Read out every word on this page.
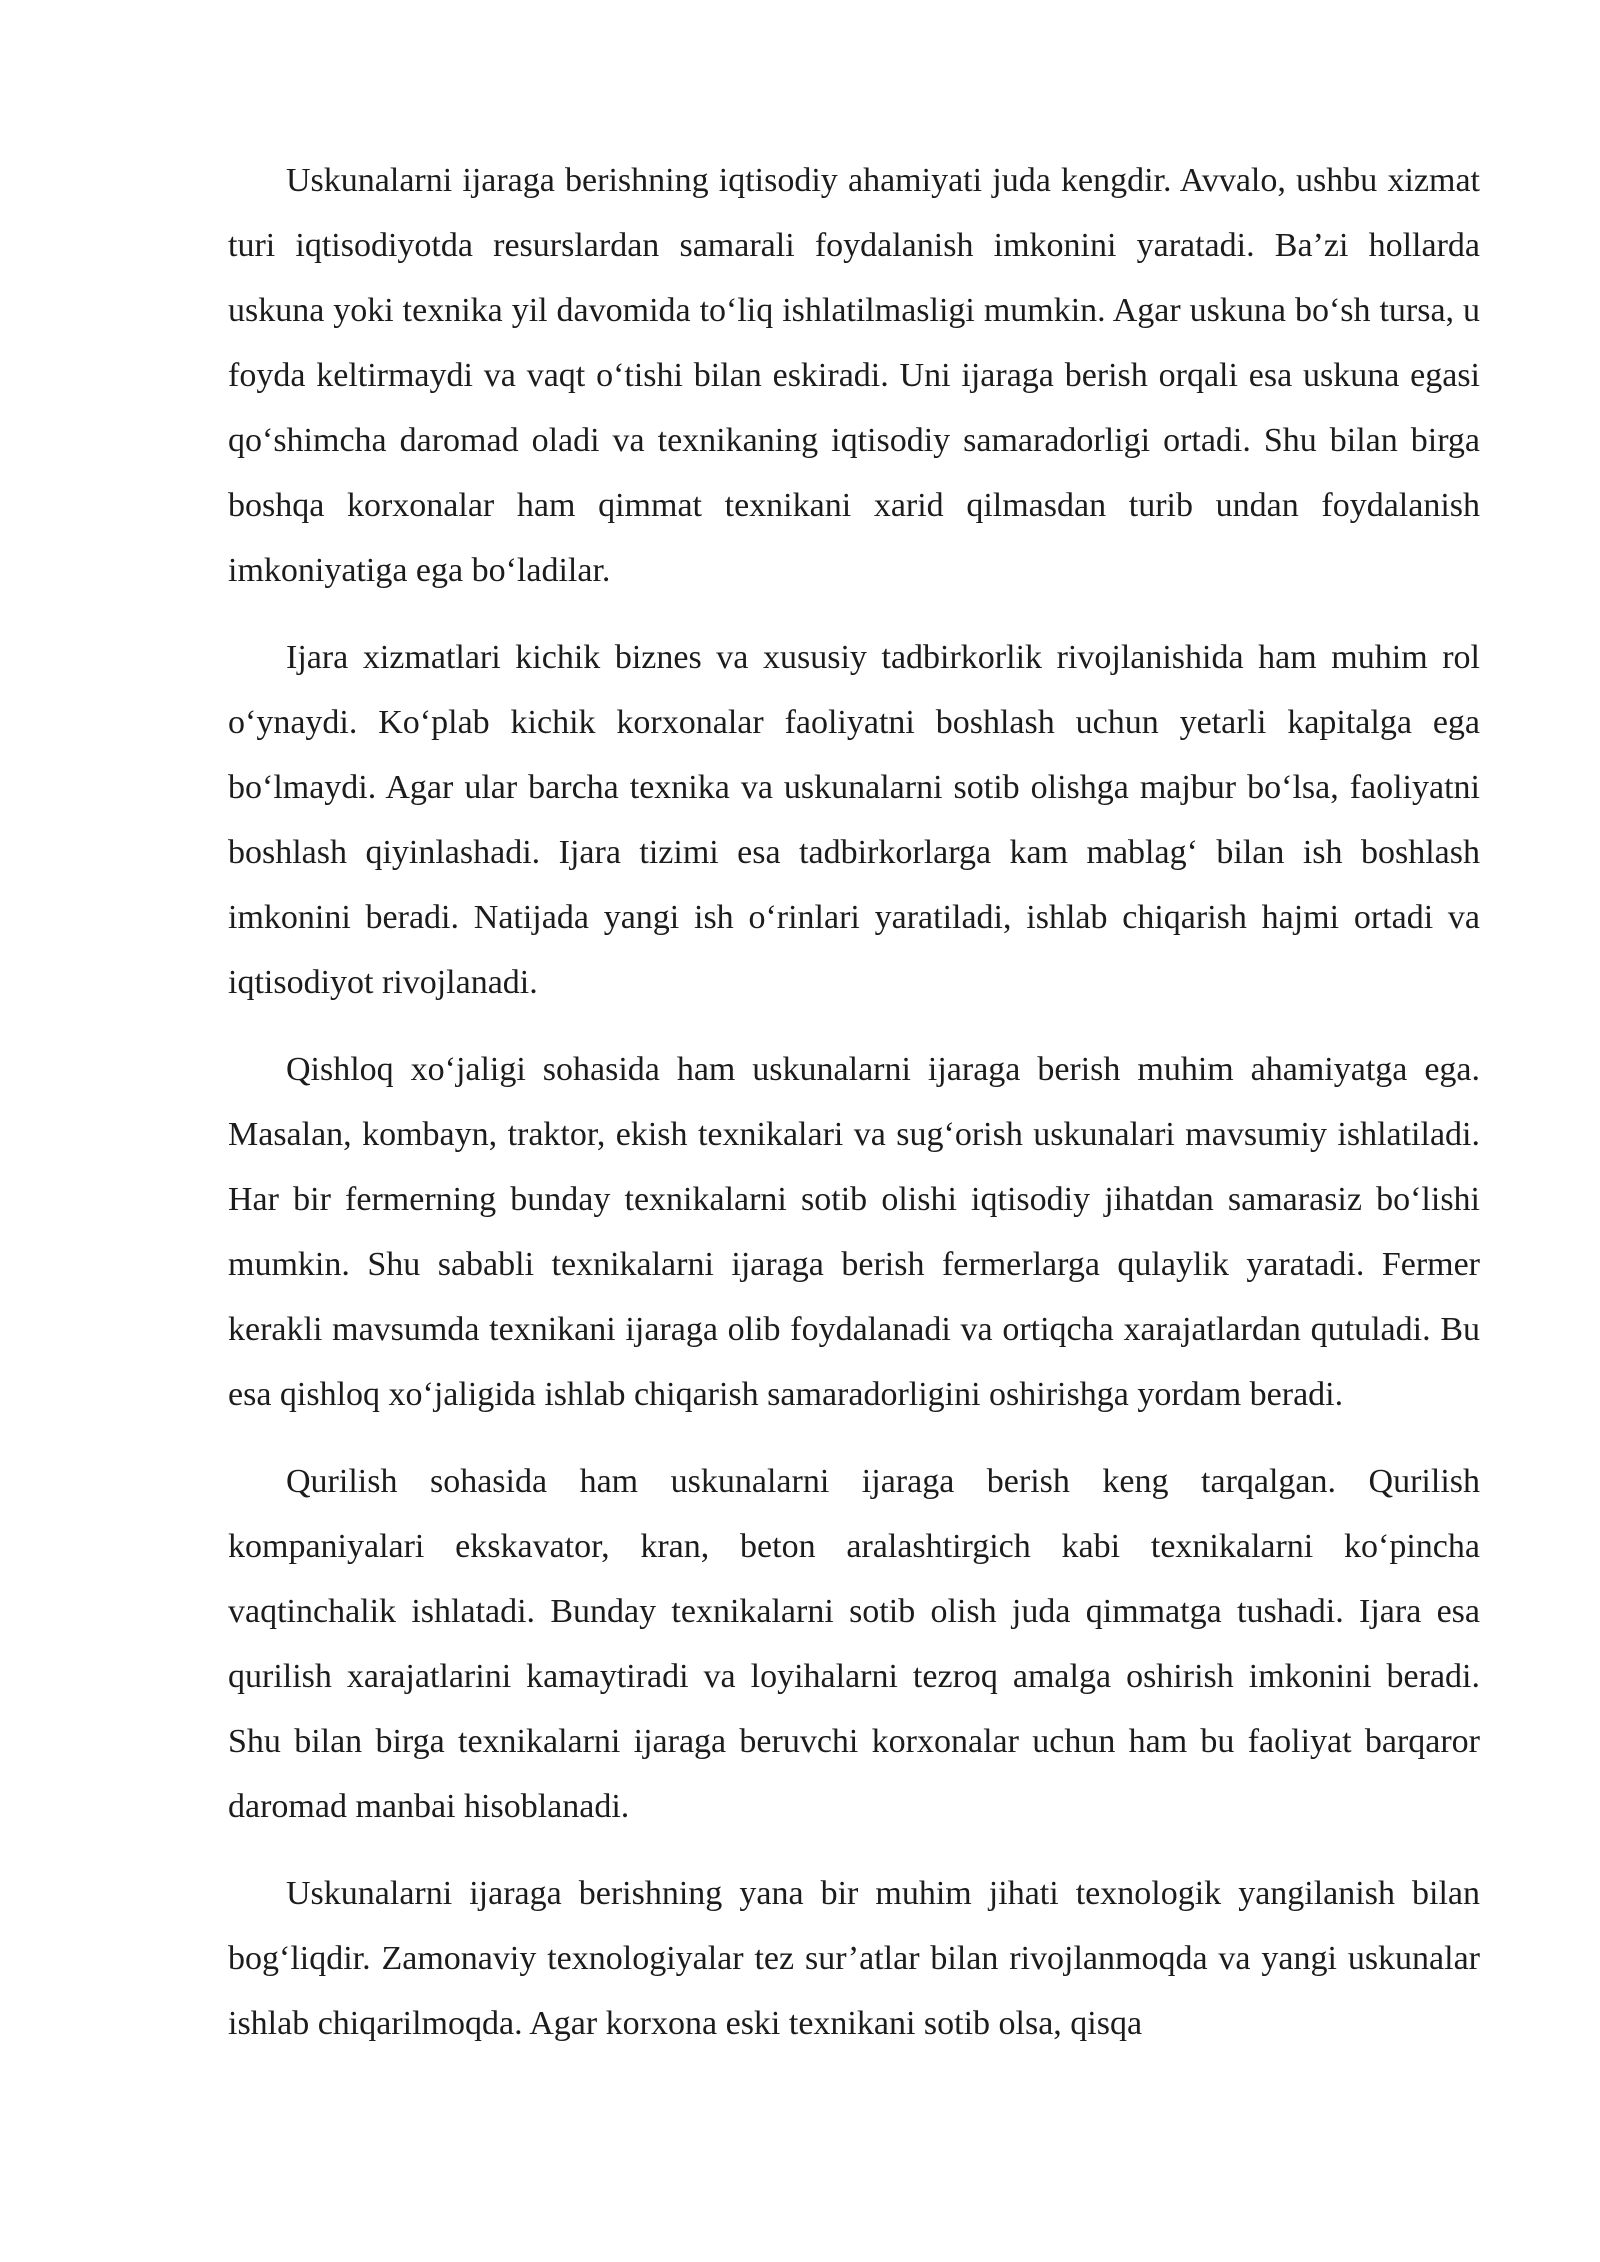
Uskunalarni ijaraga berishning iqtisodiy ahamiyati juda kengdir. Avvalo, ushbu xizmat turi iqtisodiyotda resurslardan samarali foydalanish imkonini yaratadi. Ba’zi hollarda uskuna yoki texnika yil davomida to‘liq ishlatilmasligi mumkin. Agar uskuna bo‘sh tursa, u foyda keltirmaydi va vaqt o‘tishi bilan eskiradi. Uni ijaraga berish orqali esa uskuna egasi qo‘shimcha daromad oladi va texnikaning iqtisodiy samaradorligi ortadi. Shu bilan birga boshqa korxonalar ham qimmat texnikani xarid qilmasdan turib undan foydalanish imkoniyatiga ega bo‘ladilar.

Ijara xizmatlari kichik biznes va xususiy tadbirkorlik rivojlanishida ham muhim rol o‘ynaydi. Ko‘plab kichik korxonalar faoliyatni boshlash uchun yetarli kapitalga ega bo‘lmaydi. Agar ular barcha texnika va uskunalarni sotib olishga majbur bo‘lsa, faoliyatni boshlash qiyinlashadi. Ijara tizimi esa tadbirkorlarga kam mablag‘ bilan ish boshlash imkonini beradi. Natijada yangi ish o‘rinlari yaratiladi, ishlab chiqarish hajmi ortadi va iqtisodiyot rivojlanadi.

Qishloq xo‘jaligi sohasida ham uskunalarni ijaraga berish muhim ahamiyatga ega. Masalan, kombayn, traktor, ekish texnikalari va sug‘orish uskunalari mavsumiy ishlatiladi. Har bir fermerning bunday texnikalarni sotib olishi iqtisodiy jihatdan samarasiz bo‘lishi mumkin. Shu sababli texnikalarni ijaraga berish fermerlarga qulaylik yaratadi. Fermer kerakli mavsumda texnikani ijaraga olib foydalanadi va ortiqcha xarajatlardan qutuladi. Bu esa qishloq xo‘jaligida ishlab chiqarish samaradorligini oshirishga yordam beradi.

Qurilish sohasida ham uskunalarni ijaraga berish keng tarqalgan. Qurilish kompaniyalari ekskavator, kran, beton aralashtirgich kabi texnikalarni ko‘pincha vaqtinchalik ishlatadi. Bunday texnikalarni sotib olish juda qimmatga tushadi. Ijara esa qurilish xarajatlarini kamaytiradi va loyihalarni tezroq amalga oshirish imkonini beradi. Shu bilan birga texnikalarni ijaraga beruvchi korxonalar uchun ham bu faoliyat barqaror daromad manbai hisoblanadi.

Uskunalarni ijaraga berishning yana bir muhim jihati texnologik yangilanish bilan bog‘liqdir. Zamonaviy texnologiyalar tez sur’atlar bilan rivojlanmoqda va yangi uskunalar ishlab chiqarilmoqda. Agar korxona eski texnikani sotib olsa, qisqa
